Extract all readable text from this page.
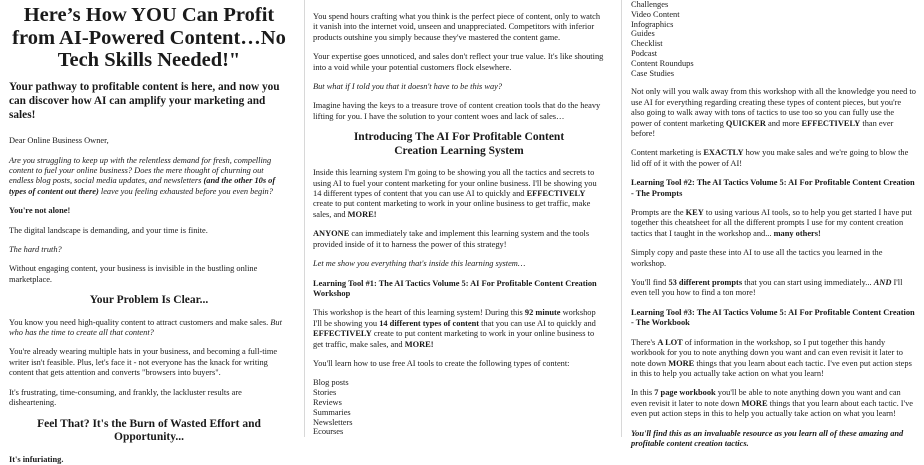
Here’s How YOU Can Profit from AI-Powered Content…No Tech Skills Needed!"
Your pathway to profitable content is here, and now you can discover how AI can amplify your marketing and sales!

Dear Online Business Owner,

Are you struggling to keep up with the relentless demand for fresh, compelling content to fuel your online business? Does the mere thought of churning out endless blog posts, social media updates, and newsletters (and the other 10s of types of content out there) leave you feeling exhausted before you even begin?

You're not alone!

The digital landscape is demanding, and your time is finite.

The hard truth?

Without engaging content, your business is invisible in the bustling online marketplace.

Your Problem Is Clear...

You know you need high-quality content to attract customers and make sales. But who has the time to create all that content?

You're already wearing multiple hats in your business, and becoming a full-time writer isn't feasible. Plus, let's face it - not everyone has the knack for writing content that gets attention and converts "browsers into buyers".

It's frustrating, time-consuming, and frankly, the lackluster results are disheartening.

Feel That? It's the Burn of Wasted Effort and Opportunity...

It's infuriating.

You spend hours crafting what you think is the perfect piece of content, only to watch it vanish into the internet void, unseen and unappreciated. Competitors with inferior products outshine you simply because they've mastered the content game.

Your expertise goes unnoticed, and sales don't reflect your true value. It's like shouting into a void while your potential customers flock elsewhere.

But what if I told you that it doesn't have to be this way?

Imagine having the keys to a treasure trove of content creation tools that do the heavy lifting for you. I have the solution to your content woes and lack of sales…

Introducing The AI For Profitable Content Creation Learning System

Inside this learning system I'm going to be showing you all the tactics and secrets to using AI to fuel your content marketing for your online business. I'll be showing you 14 different types of content that you can use AI to quickly and EFFECTIVELY create to put content marketing to work in your online business to get traffic, make sales, and MORE!

ANYONE can immediately take and implement this learning system and the tools provided inside of it to harness the power of this strategy!

Let me show you everything that's inside this learning system…

Learning Tool #1: The AI Tactics Volume 5: AI For Profitable Content Creation Workshop

This workshop is the heart of this learning system! During this 92 minute workshop I'll be showing you 14 different types of content that you can use AI to quickly and EFFECTIVELY create to put content marketing to work in your online business to get traffic, make sales, and MORE!

You'll learn how to use free AI tools to create the following types of content:

Blog posts
Stories
Reviews
Summaries
Newsletters
Ecourses
Challenges
Video Content
Infographics
Guides
Checklist
Podcast
Content Roundups
Case Studies

Not only will you walk away from this workshop with all the knowledge you need to use AI for everything regarding creating these types of content pieces, but you're also going to walk away with tons of tactics to use too so you can fully use the power of content marketing QUICKER and more EFFECTIVELY than ever before!

Content marketing is EXACTLY how you make sales and we're going to blow the lid off of it with the power of AI!

Learning Tool #2: The AI Tactics Volume 5: AI For Profitable Content Creation - The Prompts

Prompts are the KEY to using various AI tools, so to help you get started I have put together this cheatsheet for all the different prompts I use for my content creation tactics that I taught in the workshop and... many others!

Simply copy and paste these into AI to use all the tactics you learned in the workshop.

You'll find 53 different prompts that you can start using immediately... AND I'll even tell you how to find a ton more!

Learning Tool #3: The AI Tactics Volume 5: AI For Profitable Content Creation - The Workbook

There's A LOT of information in the workshop, so I put together this handy workbook for you to note anything down you want and can even revisit it later to note down MORE things that you learn about each tactic. I've even put action steps in this to help you actually take action on what you learn!

In this 7 page workbook you'll be able to note anything down you want and can even revisit it later to note down MORE things that you learn about each tactic. I've even put action steps in this to help you actually take action on what you learn!

You'll find this as an invaluable resource as you learn all of these amazing and profitable content creation tactics.
